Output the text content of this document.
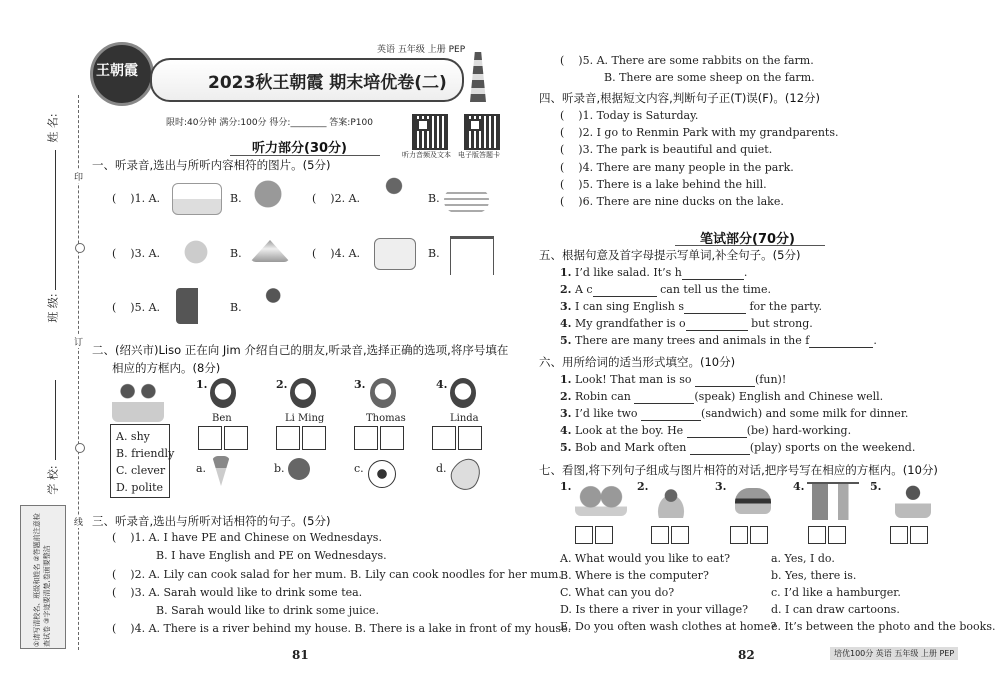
姓 名:
班 级:
学 校:
印
订
线
①请写清校名、班级和姓名 ②答题前注意检查试卷 ③字迹要清楚,卷面要整洁
王朝霞
英语 五年级 上册 PEP
2023秋王朝霞 期末培优卷(二)
限时:40分钟 满分:100分 得分:________ 答案:P100
听力音频及文本 电子版答题卡
听力部分(30分)
一、听录音,选出与所听内容相符的图片。(5分)
(    )1. A.	B.	(    )2. A.	B.
(    )3. A.	B.	(    )4. A.	B.
(    )5. A.	B.
二、(绍兴市)Liso 正在向 Jim 介绍自己的朋友,听录音,选择正确的选项,将序号填在
相应的方框内。(8分)
A. shy
B. friendly
C. clever
D. polite
1.
Ben
2.
Li Ming
3.
Thomas
4.
Linda
a.	b.	c.	d.
三、听录音,选出与所听对话相符的句子。(5分)
(    )1. A. I have PE and Chinese on Wednesdays.
B. I have English and PE on Wednesdays.
(    )2. A. Lily can cook salad for her mum. B. Lily can cook noodles for her mum.
(    )3. A. Sarah would like to drink some tea.
B. Sarah would like to drink some juice.
(    )4. A. There is a river behind my house. B. There is a lake in front of my house.
81
(    )5. A. There are some rabbits on the farm.
B. There are some sheep on the farm.
四、听录音,根据短文内容,判断句子正(T)误(F)。(12分)
(    )1. Today is Saturday.
(    )2. I go to Renmin Park with my grandparents.
(    )3. The park is beautiful and quiet.
(    )4. There are many people in the park.
(    )5. There is a lake behind the hill.
(    )6. There are nine ducks on the lake.
笔试部分(70分)
五、根据句意及首字母提示写单词,补全句子。(5分)
1. I’d like salad. It’s h	.
2. A c	can tell us the time.
3. I can sing English s	for the party.
4. My grandfather is o	but strong.
5. There are many trees and animals in the f	.
六、用所给词的适当形式填空。(10分)
1. Look! That man is so	(fun)!
2. Robin can	(speak) English and Chinese well.
3. I’d like two	(sandwich) and some milk for dinner.
4. Look at the boy. He	(be) hard-working.
5. Bob and Mark often	(play) sports on the weekend.
七、看图,将下列句子组成与图片相符的对话,把序号写在相应的方框内。(10分)
1.	2.	3.	4.	5.
A. What would you like to eat?
B. Where is the computer?
C. What can you do?
D. Is there a river in your village?
E. Do you often wash clothes at home?
a. Yes, I do.
b. Yes, there is.
c. I’d like a hamburger.
d. I can draw cartoons.
e. It’s between the photo and the books.
82	培优100分 英语 五年级 上册 PEP
